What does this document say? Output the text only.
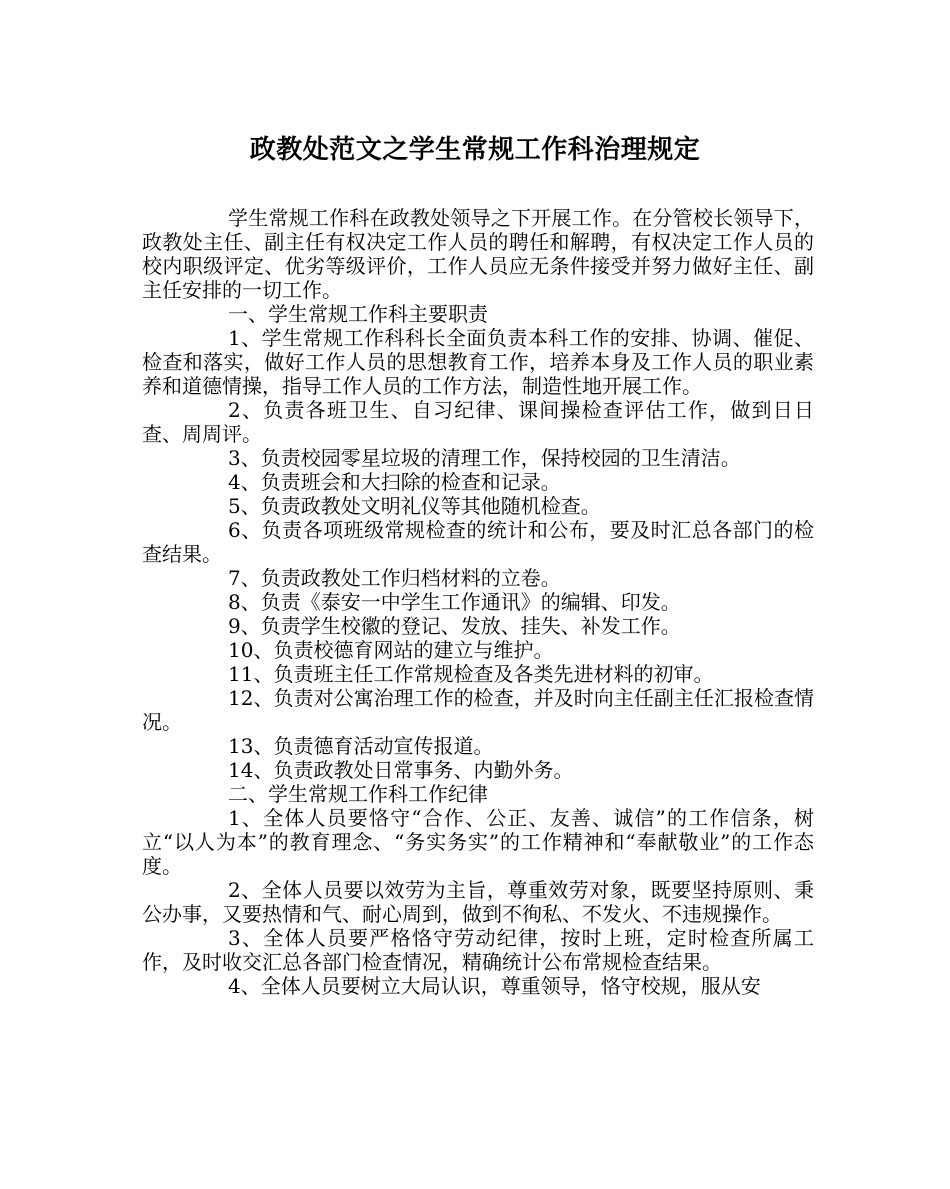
政教处范文之学生常规工作科治理规定

学生常规工作科在政教处领导之下开展工作。在分管校长领导下，政教处主任、副主任有权决定工作人员的聘任和解聘，有权决定工作人员的校内职级评定、优劣等级评价，工作人员应无条件接受并努力做好主任、副主任安排的一切工作。

一、学生常规工作科主要职责

1、学生常规工作科科长全面负责本科工作的安排、协调、催促、检查和落实，做好工作人员的思想教育工作，培养本身及工作人员的职业素养和道德情操，指导工作人员的工作方法，制造性地开展工作。

2、负责各班卫生、自习纪律、课间操检查评估工作，做到日日查、周周评。

3、负责校园零星垃圾的清理工作，保持校园的卫生清洁。

4、负责班会和大扫除的检查和记录。

5、负责政教处文明礼仪等其他随机检查。

6、负责各项班级常规检查的统计和公布，要及时汇总各部门的检查结果。

7、负责政教处工作归档材料的立卷。

8、负责《泰安一中学生工作通讯》的编辑、印发。

9、负责学生校徽的登记、发放、挂失、补发工作。

10、负责校德育网站的建立与维护。

11、负责班主任工作常规检查及各类先进材料的初审。

12、负责对公寓治理工作的检查，并及时向主任副主任汇报检查情况。

13、负责德育活动宣传报道。

14、负责政教处日常事务、内勤外务。

二、学生常规工作科工作纪律

1、全体人员要恪守“合作、公正、友善、诚信”的工作信条，树立“以人为本”的教育理念、“务实务实”的工作精神和“奉献敬业”的工作态度。

2、全体人员要以效劳为主旨，尊重效劳对象，既要坚持原则、秉公办事，又要热情和气、耐心周到，做到不徇私、不发火、不违规操作。

3、全体人员要严格恪守劳动纪律，按时上班，定时检查所属工作，及时收交汇总各部门检查情况，精确统计公布常规检查结果。

4、全体人员要树立大局认识，尊重领导，恪守校规，服从安
